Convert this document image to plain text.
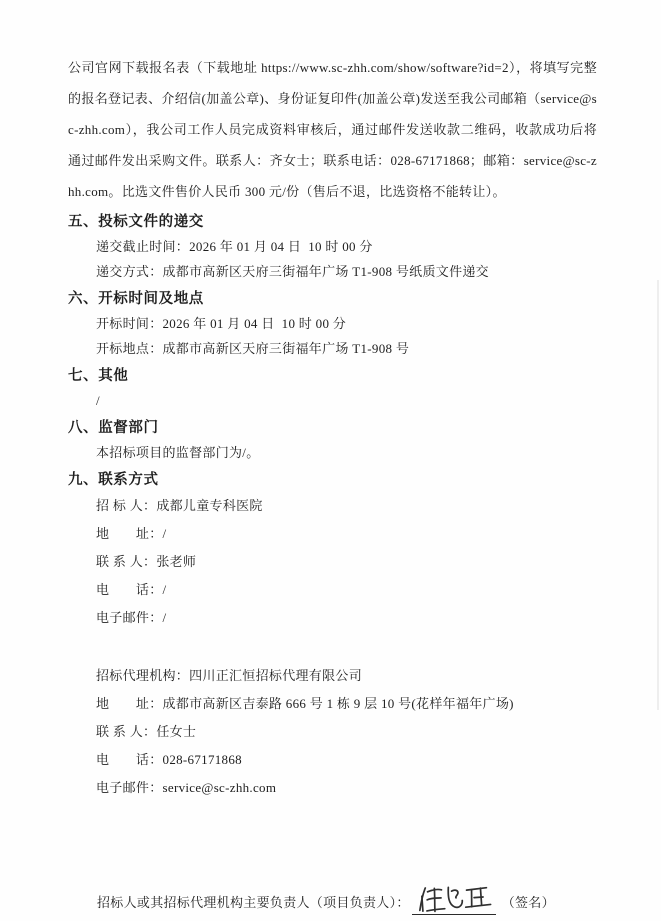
公司官网下载报名表（下载地址 https://www.sc-zhh.com/show/software?id=2），将填写完整的报名登记表、介绍信(加盖公章)、身份证复印件(加盖公章)发送至我公司邮箱（service@sc-zhh.com），我公司工作人员完成资料审核后，通过邮件发送收款二维码，收款成功后将通过邮件发出采购文件。联系人：齐女士；联系电话：028-67171868；邮箱：service@sc-zhh.com。比选文件售价人民币 300 元/份（售后不退，比选资格不能转让）。

五、投标文件的递交
递交截止时间：2026 年 01 月 04 日  10 时 00 分
递交方式：成都市高新区天府三街福年广场 T1-908 号纸质文件递交
六、开标时间及地点
开标时间：2026 年 01 月 04 日  10 时 00 分
开标地点：成都市高新区天府三街福年广场 T1-908 号
七、其他
/
八、监督部门
本招标项目的监督部门为/。
九、联系方式
招 标 人：成都儿童专科医院
地　　址：/
联 系 人：张老师
电　　话：/
电子邮件：/
招标代理机构：四川正汇恒招标代理有限公司
地　　址：成都市高新区吉泰路 666 号 1 栋 9 层 10 号(花样年福年广场)
联 系 人：任女士
电　　话：028-67171868
电子邮件：service@sc-zhh.com
招标人或其招标代理机构主要负责人（项目负责人）：	（签名）
